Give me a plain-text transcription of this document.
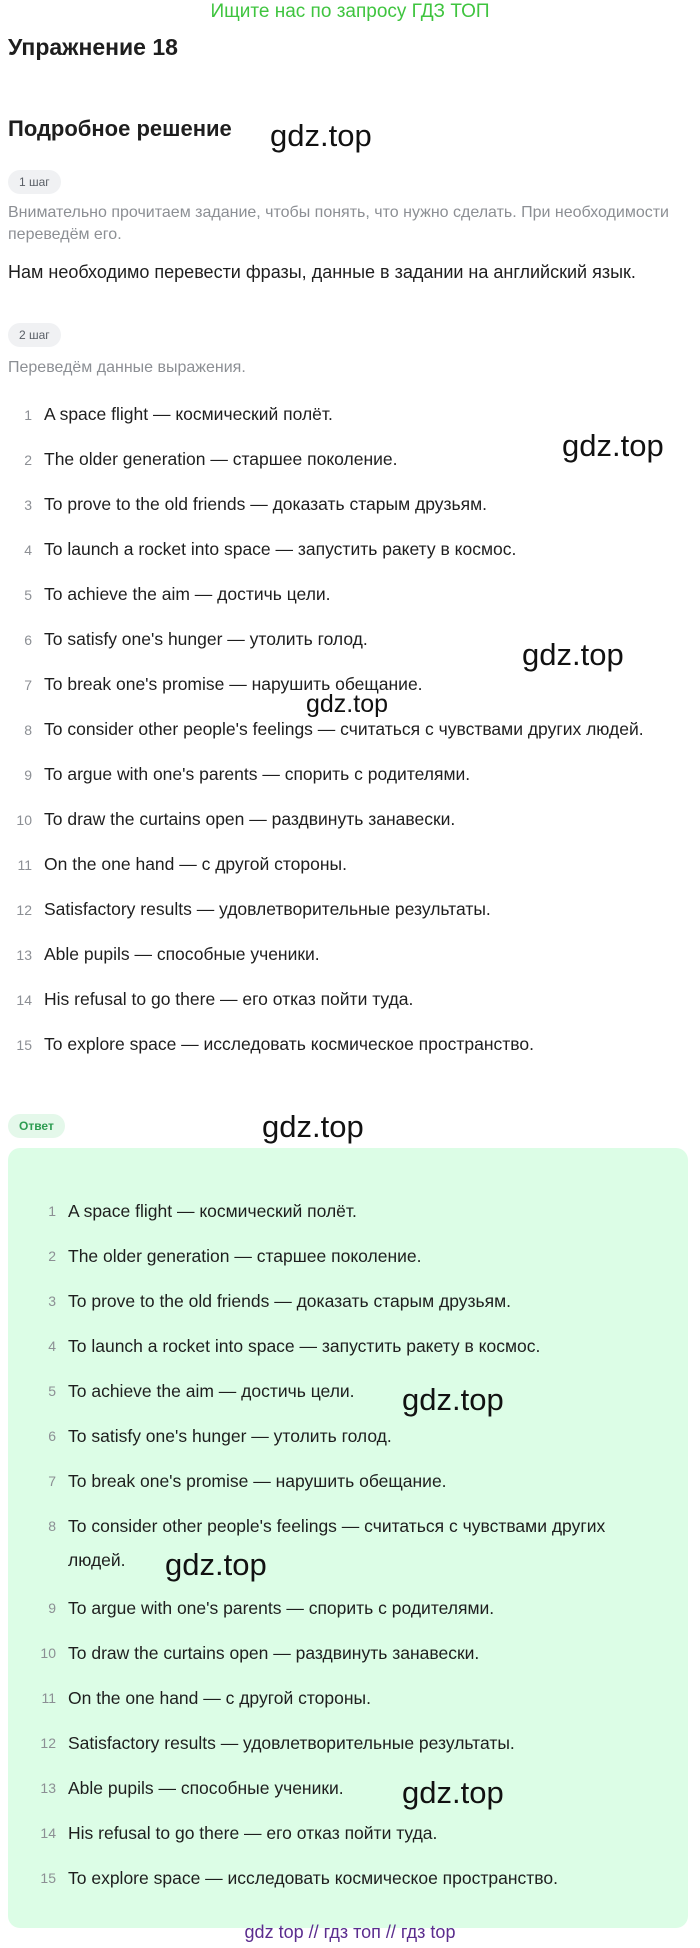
Ищите нас по запросу ГДЗ ТОП
Упражнение 18
Подробное решение
1 шаг

Внимательно прочитаем задание, чтобы понять, что нужно сделать. При необходимости переведём его.

Нам необходимо перевести фразы, данные в задании на английский язык.

2 шаг

Переведём данные выражения.

1 A space flight — космический полёт.
2 The older generation — старшее поколение.
3 To prove to the old friends — доказать старым друзьям.
4 To launch a rocket into space — запустить ракету в космос.
5 To achieve the aim — достичь цели.
6 To satisfy one's hunger — утолить голод.
7 To break one's promise — нарушить обещание.
8 To consider other people's feelings — считаться с чувствами других людей.
9 To argue with one's parents — спорить с родителями.
10 To draw the curtains open — раздвинуть занавески.
11 On the one hand — с другой стороны.
12 Satisfactory results — удовлетворительные результаты.
13 Able pupils — способные ученики.
14 His refusal to go there — его отказ пойти туда.
15 To explore space — исследовать космическое пространство.
Ответ
1 A space flight — космический полёт.
2 The older generation — старшее поколение.
3 To prove to the old friends — доказать старым друзьям.
4 To launch a rocket into space — запустить ракету в космос.
5 To achieve the aim — достичь цели.
6 To satisfy one's hunger — утолить голод.
7 To break one's promise — нарушить обещание.
8 To consider other people's feelings — считаться с чувствами других людей.
9 To argue with one's parents — спорить с родителями.
10 To draw the curtains open — раздвинуть занавески.
11 On the one hand — с другой стороны.
12 Satisfactory results — удовлетворительные результаты.
13 Able pupils — способные ученики.
14 His refusal to go there — его отказ пойти туда.
15 To explore space — исследовать космическое пространство.
gdz.top
gdz.top
gdz.top
gdz.top
gdz.top
gdz.top
gdz.top
gdz.top
gdz top // гдз топ // гдз top
